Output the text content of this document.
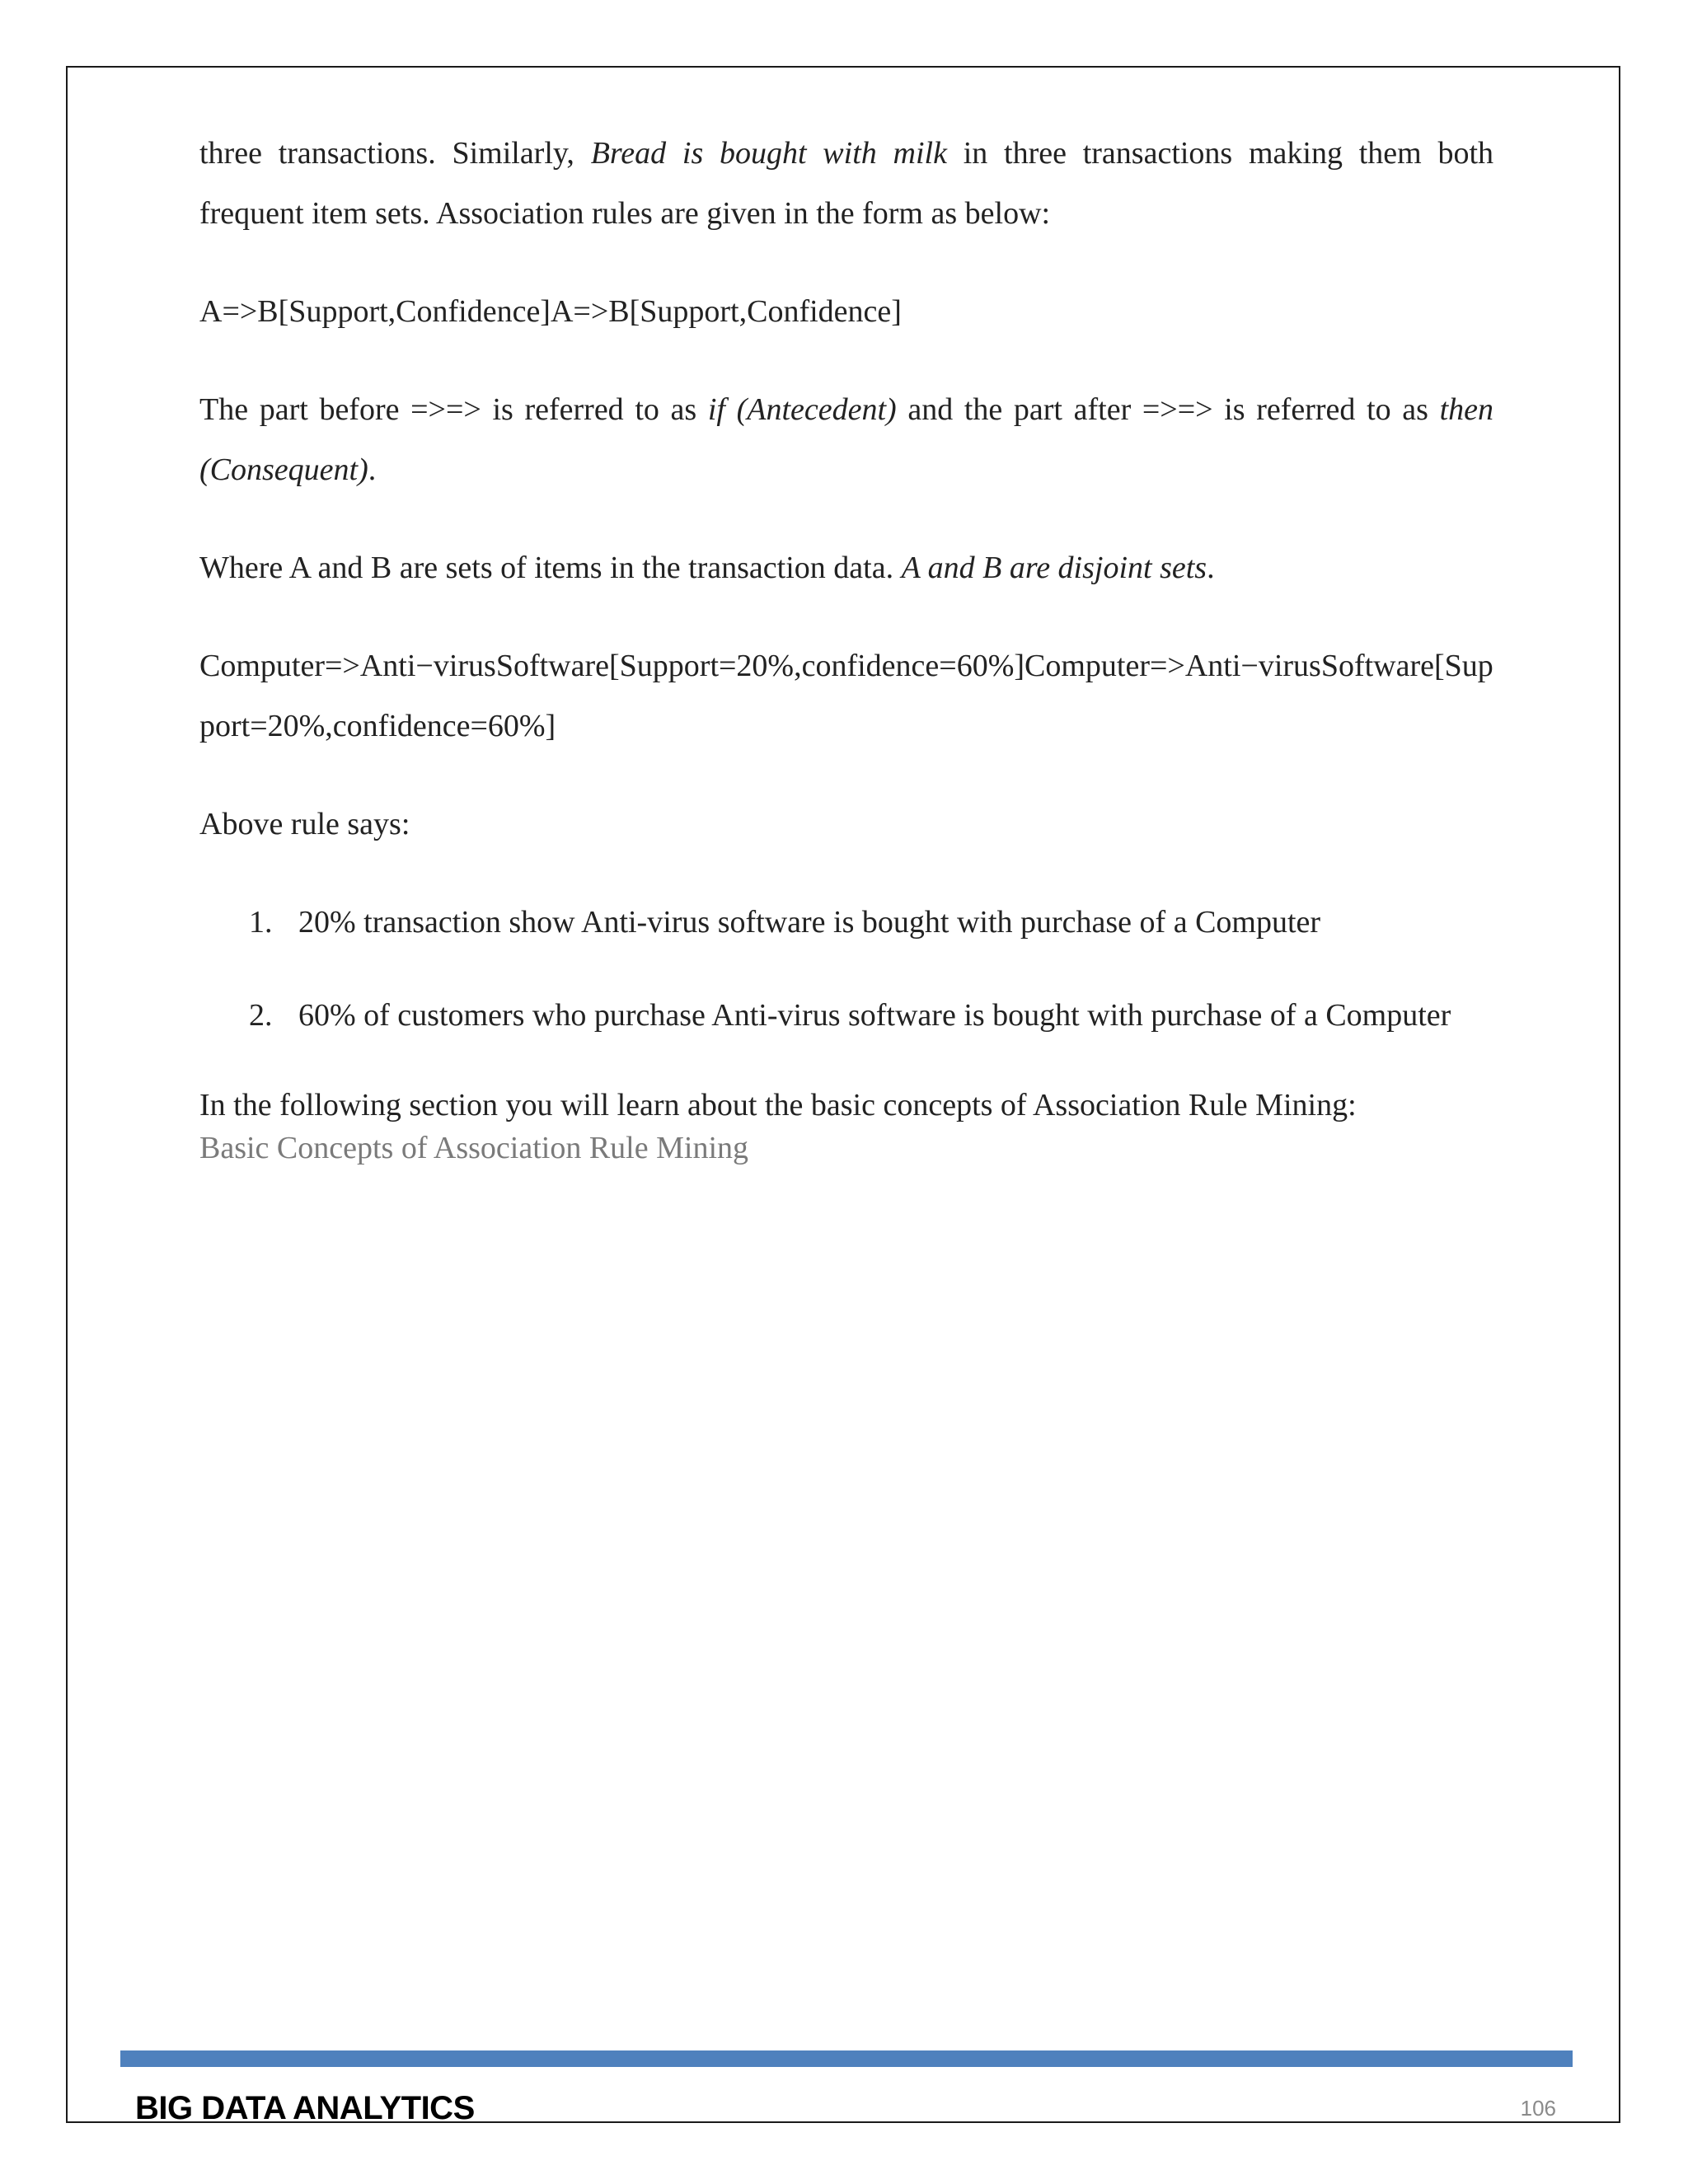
three transactions. Similarly, Bread is bought with milk in three transactions making them both
frequent item sets. Association rules are given in the form as below:

A=>B[Support,Confidence]A=>B[Support,Confidence]

The part before =>=> is referred to as if (Antecedent) and the part after =>=> is referred to as then (Consequent).

Where A and B are sets of items in the transaction data. A and B are disjoint sets.

Computer=>Anti−virusSoftware[Support=20%,confidence=60%]Computer=>Anti−virusSoftware[Support=20%,confidence=60%]

Above rule says:

1. 20% transaction show Anti-virus software is bought with purchase of a Computer
2. 60% of customers who purchase Anti-virus software is bought with purchase of a Computer

In the following section you will learn about the basic concepts of Association Rule Mining:
Basic Concepts of Association Rule Mining

BIG DATA ANALYTICS	106
